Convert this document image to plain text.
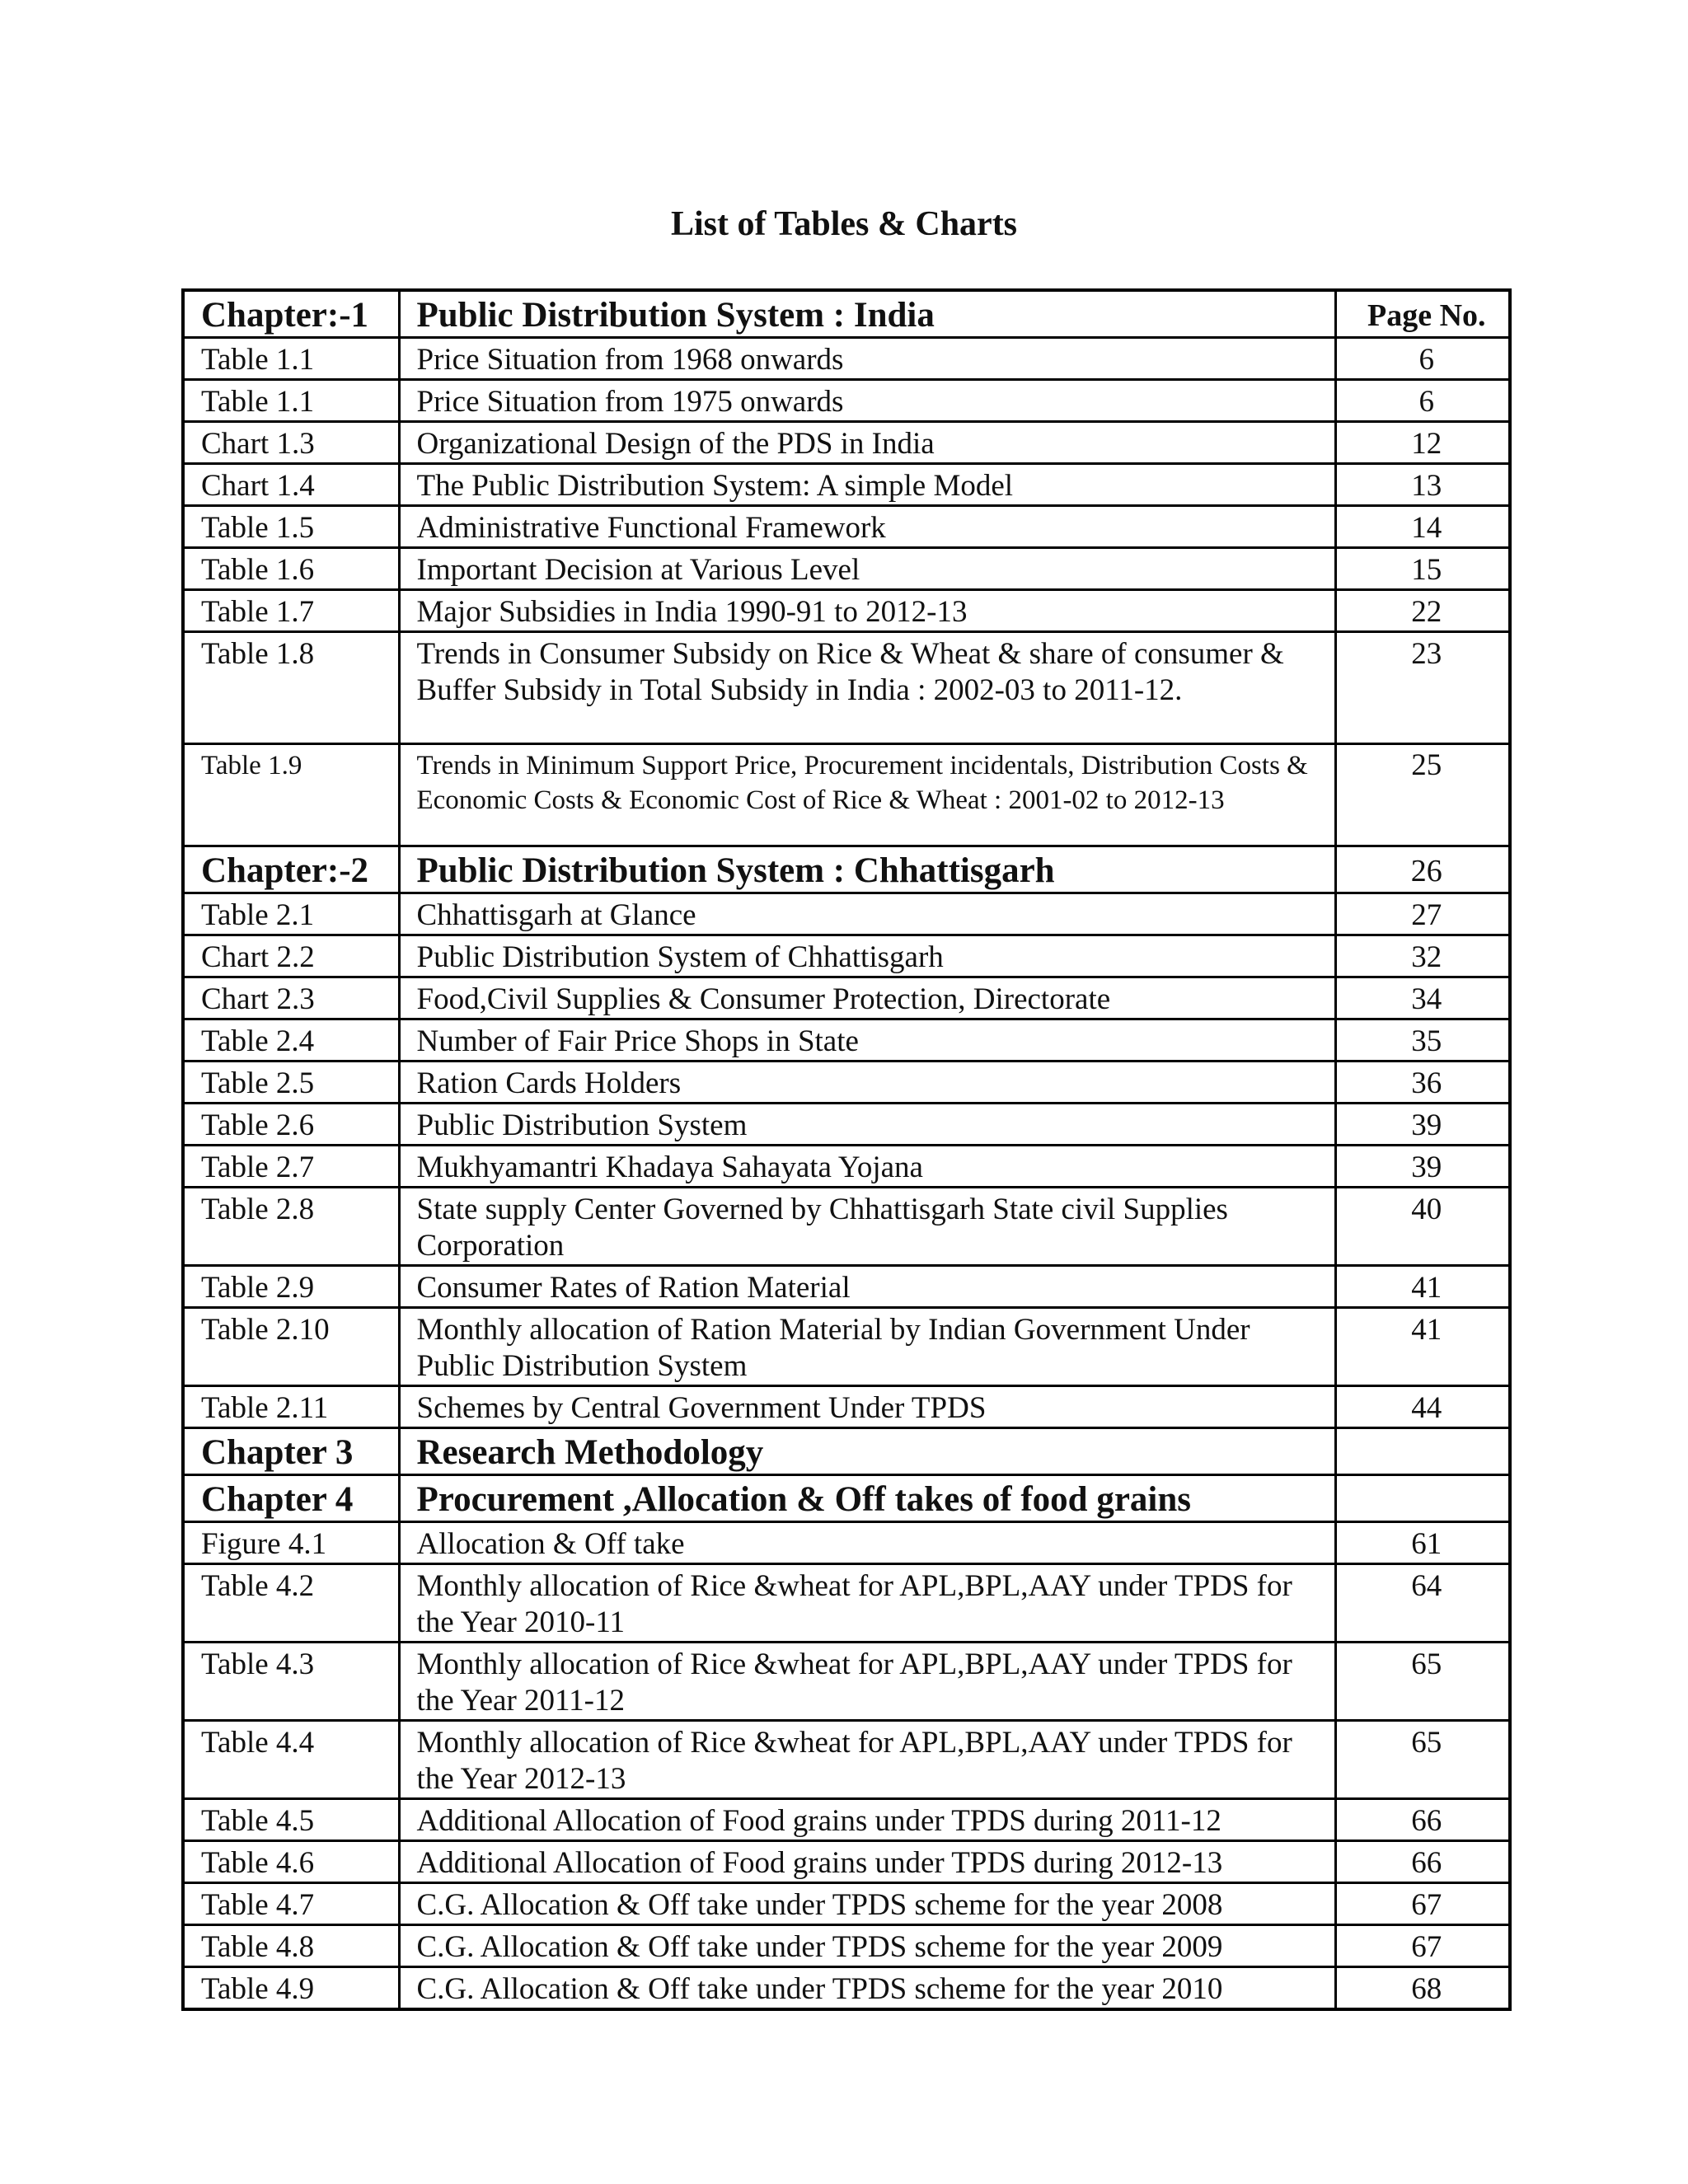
List of Tables & Charts
Chapter:-1	Public Distribution System : India	Page No.
Table 1.1	Price Situation from 1968 onwards	6
Table 1.1	Price Situation from 1975 onwards	6
Chart 1.3	Organizational Design of the PDS in India	12
Chart 1.4	The Public Distribution System: A simple Model	13
Table 1.5	Administrative Functional Framework	14
Table 1.6	Important Decision at Various Level	15
Table 1.7	Major Subsidies in India 1990-91 to 2012-13	22
Table 1.8	Trends in Consumer Subsidy on Rice & Wheat & share of consumer & Buffer Subsidy in Total Subsidy in India : 2002-03 to 2011-12.	23
Table 1.9	Trends in Minimum Support Price, Procurement incidentals, Distribution Costs & Economic Costs & Economic Cost of Rice & Wheat : 2001-02 to 2012-13	25
Chapter:-2	Public Distribution System : Chhattisgarh	26
Table 2.1	Chhattisgarh at Glance	27
Chart 2.2	Public Distribution System of Chhattisgarh	32
Chart 2.3	Food,Civil Supplies & Consumer Protection, Directorate	34
Table 2.4	Number of Fair Price Shops in State	35
Table 2.5	Ration Cards Holders	36
Table 2.6	Public Distribution System	39
Table 2.7	Mukhyamantri Khadaya Sahayata Yojana	39
Table 2.8	State supply Center Governed by Chhattisgarh State civil Supplies Corporation	40
Table 2.9	Consumer Rates of Ration Material	41
Table 2.10	Monthly allocation of Ration Material by Indian Government Under Public Distribution System	41
Table 2.11	Schemes by Central Government Under TPDS	44
Chapter 3	Research Methodology	
Chapter 4	Procurement ,Allocation & Off takes of food grains	
Figure 4.1	Allocation & Off take	61
Table 4.2	Monthly allocation of Rice &wheat for APL,BPL,AAY under TPDS for the Year 2010-11	64
Table 4.3	Monthly allocation of Rice &wheat for APL,BPL,AAY under TPDS for the Year 2011-12	65
Table 4.4	Monthly allocation of Rice &wheat for APL,BPL,AAY under TPDS for the Year 2012-13	65
Table 4.5	Additional Allocation of Food grains under TPDS during 2011-12	66
Table 4.6	Additional Allocation of Food grains under TPDS during 2012-13	66
Table 4.7	C.G. Allocation & Off take under TPDS scheme for the year 2008	67
Table 4.8	C.G. Allocation & Off take under TPDS scheme for the year 2009	67
Table 4.9	C.G. Allocation & Off take under TPDS scheme for the year 2010	68
